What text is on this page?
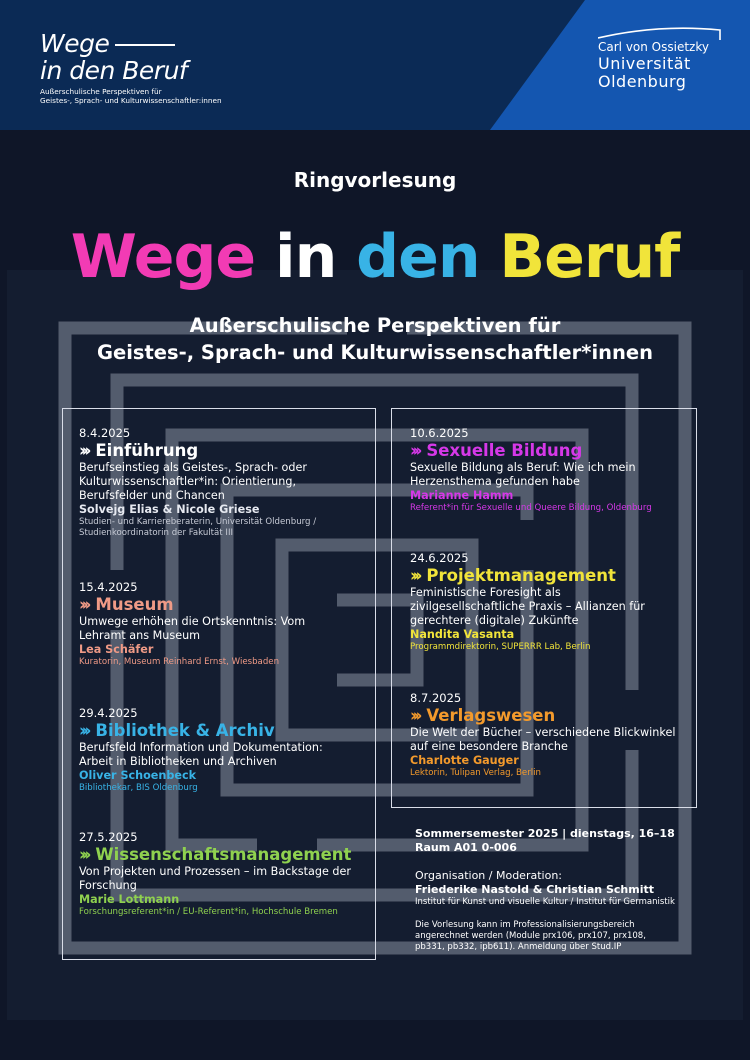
Wege
in den Beruf
Außerschulische Perspektiven für
Geistes-, Sprach- und Kulturwissenschaftler:innen
Carl von Ossietzky
Universität
Oldenburg
Ringvorlesung
Wege in den Beruf
Außerschulische Perspektiven für
Geistes-, Sprach- und Kulturwissenschaftler*innen
8.4.2025
››› Einführung
Berufseinstieg als Geistes-, Sprach- oder
Kulturwissenschaftler*in: Orientierung,
Berufsfelder und Chancen
Solvejg Elias & Nicole Griese
Studien- und Karriereberaterin, Universität Oldenburg /
Studienkoordinatorin der Fakultät III
15.4.2025
››› Museum
Umwege erhöhen die Ortskenntnis: Vom
Lehramt ans Museum
Lea Schäfer
Kuratorin, Museum Reinhard Ernst, Wiesbaden
29.4.2025
››› Bibliothek & Archiv
Berufsfeld Information und Dokumentation:
Arbeit in Bibliotheken und Archiven
Oliver Schoenbeck
Bibliothekar, BIS Oldenburg
27.5.2025
››› Wissenschaftsmanagement
Von Projekten und Prozessen – im Backstage der
Forschung
Marie Lottmann
Forschungsreferent*in / EU-Referent*in, Hochschule Bremen
10.6.2025
››› Sexuelle Bildung
Sexuelle Bildung als Beruf: Wie ich mein
Herzensthema gefunden habe
Marianne Hamm
Referent*in für Sexuelle und Queere Bildung, Oldenburg
24.6.2025
››› Projektmanagement
Feministische Foresight als
zivilgesellschaftliche Praxis – Allianzen für
gerechtere (digitale) Zukünfte
Nandita Vasanta
Programmdirektorin, SUPERRR Lab, Berlin
8.7.2025
››› Verlagswesen
Die Welt der Bücher – verschiedene Blickwinkel
auf eine besondere Branche
Charlotte Gauger
Lektorin, Tulipan Verlag, Berlin
Sommersemester 2025 | dienstags, 16–18
Raum A01 0-006
Organisation / Moderation:
Friederike Nastold & Christian Schmitt
Institut für Kunst und visuelle Kultur / Institut für Germanistik
Die Vorlesung kann im Professionalisierungsbereich
angerechnet werden (Module prx106, prx107, prx108,
pb331, pb332, ipb611). Anmeldung über Stud.IP
